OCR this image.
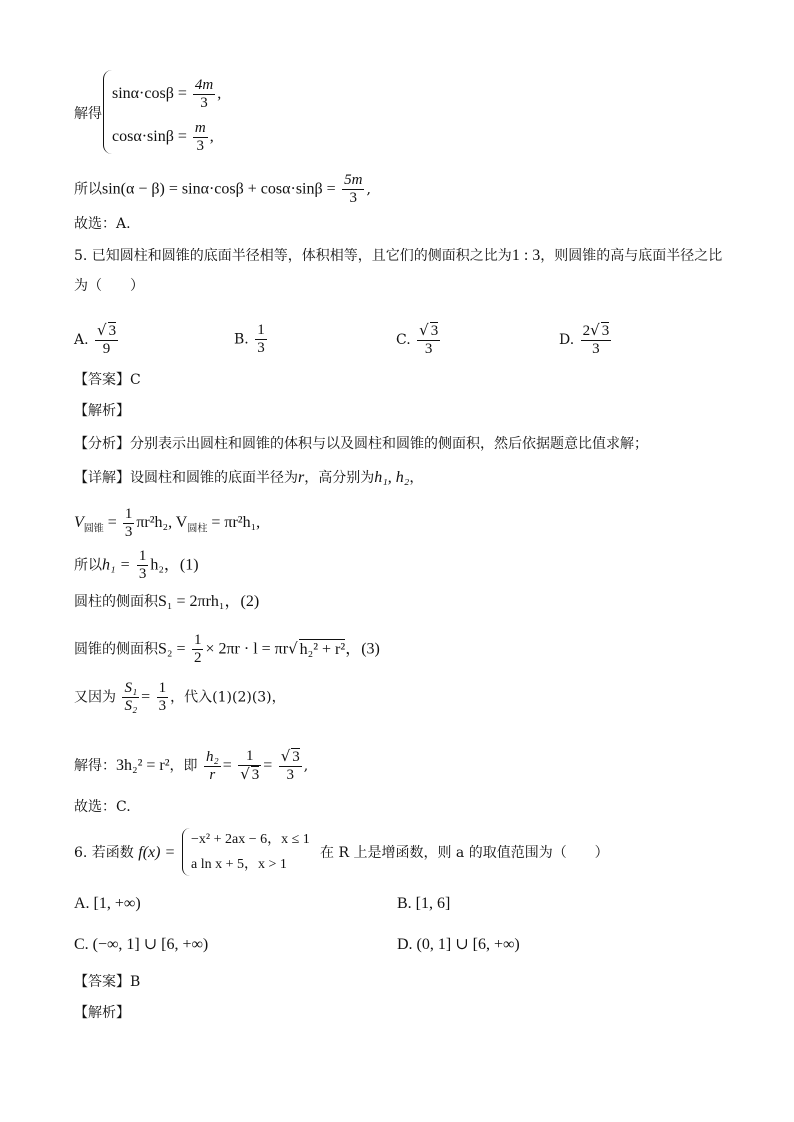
解得
$\sin\alpha\cdot\cos\beta = \frac{4m}{3}$ ,
$\cos\alpha\cdot\sin\beta = \frac{m}{3}$ ,
所以$\sin(\alpha - \beta) = \sin\alpha\cdot\cos\beta + \cos\alpha\cdot\sin\beta = \frac{5m}{3}$ ,
故选：A.
5. 已知圆柱和圆锥的底面半径相等，体积相等，且它们的侧面积之比为1 : 3，则圆锥的高与底面半径之比
为（　　）
A. $\frac{√ 3}{9}$	B. $\frac{1}{3}$	C. $\frac{√ 3}{3}$	D. $\frac{2√ 3}{3}$
【答案】C
【解析】
【分析】分别表示出圆柱和圆锥的体积与以及圆柱和圆锥的侧面积，然后依据题意比值求解；
【详解】设圆柱和圆锥的底面半径为r，高分别为h₁, h₂，
$V_{圆锥} = \frac{1}{3} \pi r^2h_2$, $V_{圆柱} = \pi r^2h_1$,
所以$h_1 = \frac{1}{3} h_2$，(1)
圆柱的侧面积S₁ = 2πrh₁，(2)
圆锥的侧面积$S_2 = \frac{1}{2} \times 2\pi r \cdot l = \pi r√$ h₂² + r²，(3)
又因为 $\frac{\text{S₁}}{\text{S₂}} = \frac{1}{3}$ ，代入(1)(2)(3)，
解得：3h₂² = r²，即 $\frac{\text{h₂}}{r} = \frac{1}{√ 3} = \frac{√ 3}{3}$ ,
故选：C.
6. 若函数 f(x) =
−x² + 2ax − 6，x ≤ 1
a ln x + 5，x > 1
在 R 上是增函数，则 a 的取值范围为（　　）
A. [1, +∞)	B. [1, 6]
C. (−∞, 1] ∪ [6, +∞)	D. (0, 1] ∪ [6, +∞)
【答案】B
【解析】
